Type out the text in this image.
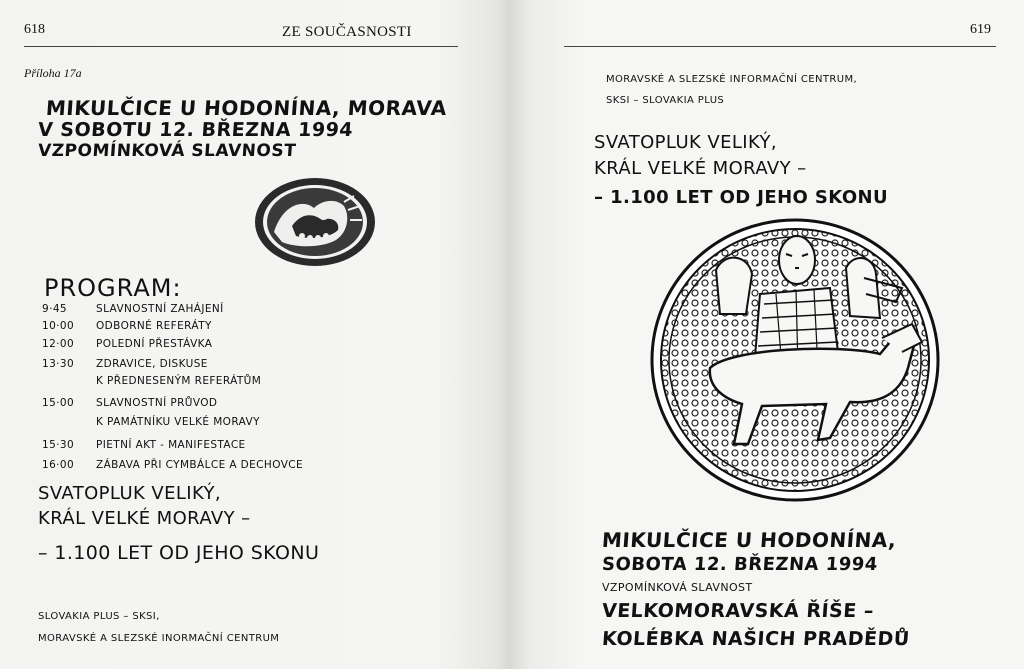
618	ZE SOUČASNOSTI
Příloha 17a
MIKULČICE U HODONÍNA, MORAVA
V SOBOTU 12. BŘEZNA 1994
VZPOMÍNKOVÁ SLAVNOST
PROGRAM:
9·45	SLAVNOSTNÍ ZAHÁJENÍ
10·00 ODBORNÉ REFERÁTY
12·00 POLEDNÍ PŘESTÁVKA
13·30 ZDRAVICE, DISKUSE
K PŘEDNESENÝM REFERÁTŮM
15·00 SLAVNOSTNÍ PRŮVOD
K PAMÁTNÍKU VELKÉ MORAVY
15·30 PIETNÍ AKT - MANIFESTACE
16·00 ZÁBAVA PŘI CYMBÁLCE A DECHOVCE
SVATOPLUK VELIKÝ,
KRÁL VELKÉ MORAVY –
– 1.100 LET OD JEHO SKONU
SLOVAKIA PLUS – SKSI,
MORAVSKÉ A SLEZSKÉ INORMAČNÍ CENTRUM
619
MORAVSKÉ A SLEZSKÉ INFORMAČNÍ CENTRUM,
SKSI – SLOVAKIA PLUS
SVATOPLUK VELIKÝ,
KRÁL VELKÉ MORAVY –
– 1.100 LET OD JEHO SKONU
MIKULČICE U HODONÍNA,
SOBOTA 12. BŘEZNA 1994
VZPOMÍNKOVÁ SLAVNOST
VELKOMORAVSKÁ ŘÍŠE –
KOLÉBKA NAŠICH PRADĚDŮ
